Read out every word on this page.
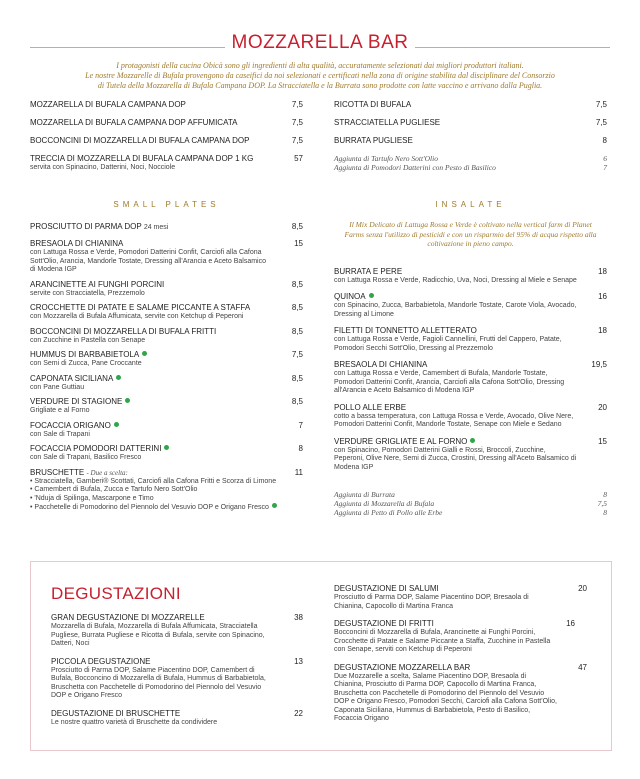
MOZZARELLA BAR

I protagonisti della cucina Obicà sono gli ingredienti di alta qualità, accuratamente selezionati dai migliori produttori italiani.

Le nostre Mozzarelle di Bufala provengono da caseifici da noi selezionati e certificati nella zona di origine stabilita dal disciplinare del Consorzio

di Tutela della Mozzarella di Bufala Campana DOP. La Stracciatella e la Burrata sono prodotte con latte vaccino e arrivano dalla Puglia.

MOZZARELLA DI BUFALA CAMPANA DOP	7,5
MOZZARELLA DI BUFALA CAMPANA DOP AFFUMICATA	7,5
BOCCONCINI DI MOZZARELLA DI BUFALA CAMPANA DOP	7,5
TRECCIA DI MOZZARELLA DI BUFALA CAMPANA DOP 1 KG	57
servita con Spinacino, Datterini, Noci, Nocciole
RICOTTA DI BUFALA	7,5
STRACCIATELLA PUGLIESE	7,5
BURRATA PUGLIESE	8
Aggiunta di Tartufo Nero Sott'Olio	6
Aggiunta di Pomodori Datterini con Pesto di Basilico	7
SMALL PLATES	INSALATE
PROSCIUTTO DI PARMA DOP 24 mesi	8,5
BRESAOLA DI CHIANINA	15
con Lattuga Rossa e Verde, Pomodori Datterini Confit, Carciofi alla Cafona Sott'Olio, Arancia, Mandorle Tostate, Dressing all'Arancia e Aceto Balsamico di Modena IGP
ARANCINETTE AI FUNGHI PORCINI	8,5
servite con Stracciatella, Prezzemolo
CROCCHETTE DI PATATE E SALAME PICCANTE A STAFFA	8,5
con Mozzarella di Bufala Affumicata, servite con Ketchup di Peperoni
BOCCONCINI DI MOZZARELLA DI BUFALA FRITTI	8,5
con Zucchine in Pastella con Senape
HUMMUS DI BARBABIETOLA	7,5
con Semi di Zucca, Pane Croccante
CAPONATA SICILIANA	8,5
con Pane Guttiau
VERDURE DI STAGIONE	8,5
Grigliate e al Forno
FOCACCIA ORIGANO	7
con Sale di Trapani
FOCACCIA POMODORI DATTERINI	8
con Sale di Trapani, Basilico Fresco
BRUSCHETTE - Due a scelta:	11
• Stracciatella, Gamberi® Scottati, Carciofi alla Cafona Fritti e Scorza di Limone
• Camembert di Bufala, Zucca e Tartufo Nero Sott'Olio
• 'Nduja di Spilinga, Mascarpone e Timo
• Pacchetelle di Pomodorino del Piennolo del Vesuvio DOP e Origano Fresco
Il Mix Delicato di Lattuga Rossa e Verde è coltivato nella vertical farm di Planet Farms senza l'utilizzo di pesticidi e con un risparmio del 95% di acqua rispetto alla coltivazione in pieno campo.
BURRATA E PERE	18
con Lattuga Rossa e Verde, Radicchio, Uva, Noci, Dressing al Miele e Senape
QUINOA	16
con Spinacino, Zucca, Barbabietola, Mandorle Tostate, Carote Viola, Avocado, Dressing al Limone
FILETTI DI TONNETTO ALLETTERATO	18
con Lattuga Rossa e Verde, Fagioli Cannellini, Frutti del Cappero, Patate, Pomodori Secchi Sott'Olio, Dressing al Prezzemolo
BRESAOLA DI CHIANINA	19,5
con Lattuga Rossa e Verde, Camembert di Bufala, Mandorle Tostate, Pomodori Datterini Confit, Arancia, Carciofi alla Cafona Sott'Olio, Dressing all'Arancia e Aceto Balsamico di Modena IGP
POLLO ALLE ERBE	20
cotto a bassa temperatura, con Lattuga Rossa e Verde, Avocado, Olive Nere, Pomodori Datterini Confit, Mandorle Tostate, Senape con Miele e Sedano
VERDURE GRIGLIATE E AL FORNO	15
con Spinacino, Pomodori Datterini Gialli e Rossi, Broccoli, Zucchine, Peperoni, Olive Nere, Semi di Zucca, Crostini, Dressing all'Aceto Balsamico di Modena IGP
Aggiunta di Burrata	8
Aggiunta di Mozzarella di Bufala	7,5
Aggiunta di Petto di Pollo alle Erbe	8
DEGUSTAZIONI
GRAN DEGUSTAZIONE DI MOZZARELLE	38
Mozzarella di Bufala, Mozzarella di Bufala Affumicata, Stracciatella Pugliese, Burrata Pugliese e Ricotta di Bufala, servite con Spinacino, Datteri, Noci
PICCOLA DEGUSTAZIONE	13
Prosciutto di Parma DOP, Salame Piacentino DOP, Camembert di Bufala, Bocconcino di Mozzarella di Bufala, Hummus di Barbabietola, Bruschetta con Pacchetelle di Pomodorino del Piennolo del Vesuvio DOP e Origano Fresco
DEGUSTAZIONE DI BRUSCHETTE	22
Le nostre quattro varietà di Bruschette da condividere
DEGUSTAZIONE DI SALUMI	20
Prosciutto di Parma DOP, Salame Piacentino DOP, Bresaola di Chianina, Capocollo di Martina Franca
DEGUSTAZIONE DI FRITTI	16
Bocconcini di Mozzarella di Bufala, Arancinette ai Funghi Porcini, Crocchette di Patate e Salame Piccante a Staffa, Zucchine in Pastella con Senape, serviti con Ketchup di Peperoni
DEGUSTAZIONE MOZZARELLA BAR	47
Due Mozzarelle a scelta, Salame Piacentino DOP, Bresaola di Chianina, Prosciutto di Parma DOP, Capocollo di Martina Franca, Bruschetta con Pacchetelle di Pomodorino del Piennolo del Vesuvio DOP e Origano Fresco, Pomodori Secchi, Carciofi alla Cafona Sott'Olio, Caponata Siciliana, Hummus di Barbabietola, Pesto di Basilico, Focaccia Origano
